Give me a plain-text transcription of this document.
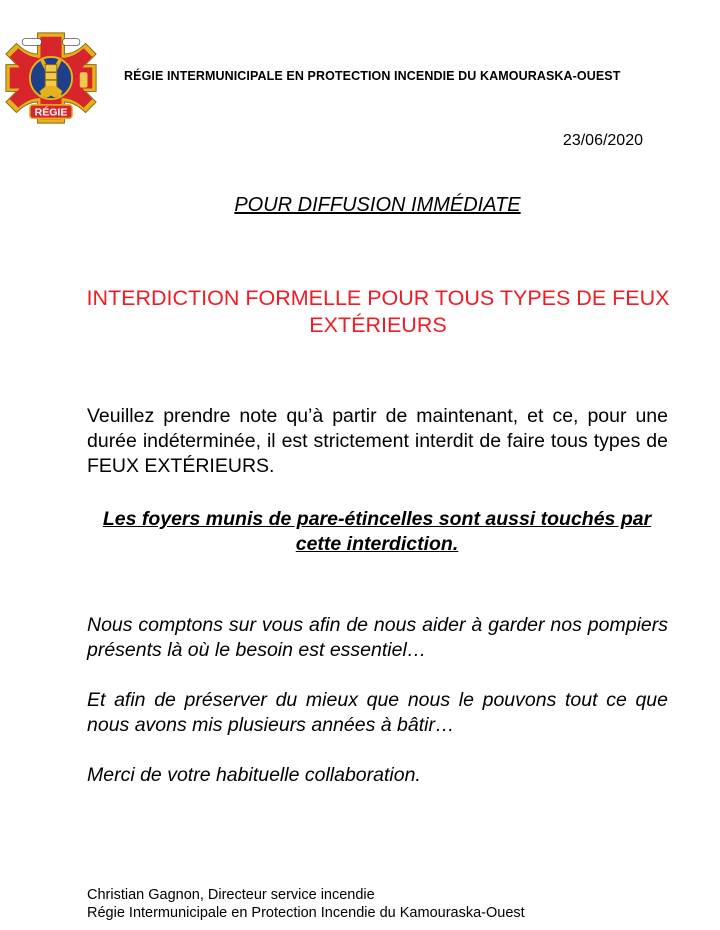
RÉGIE
RÉGIE INTERMUNICIPALE EN PROTECTION INCENDIE DU KAMOURASKA-OUEST
23/06/2020
POUR DIFFUSION IMMÉDIATE
INTERDICTION FORMELLE POUR TOUS TYPES DE FEUX EXTÉRIEURS
Veuillez prendre note qu’à partir de maintenant, et ce, pour une durée indéterminée, il est strictement interdit de faire tous types de FEUX EXTÉRIEURS.
Les foyers munis de pare-étincelles sont aussi touchés par cette interdiction.
Nous comptons sur vous afin de nous aider à garder nos pompiers présents là où le besoin est essentiel…
Et afin de préserver du mieux que nous le pouvons tout ce que nous avons mis plusieurs années à bâtir…
Merci de votre habituelle collaboration.
Christian Gagnon, Directeur service incendie
Régie Intermunicipale en Protection Incendie du Kamouraska-Ouest
